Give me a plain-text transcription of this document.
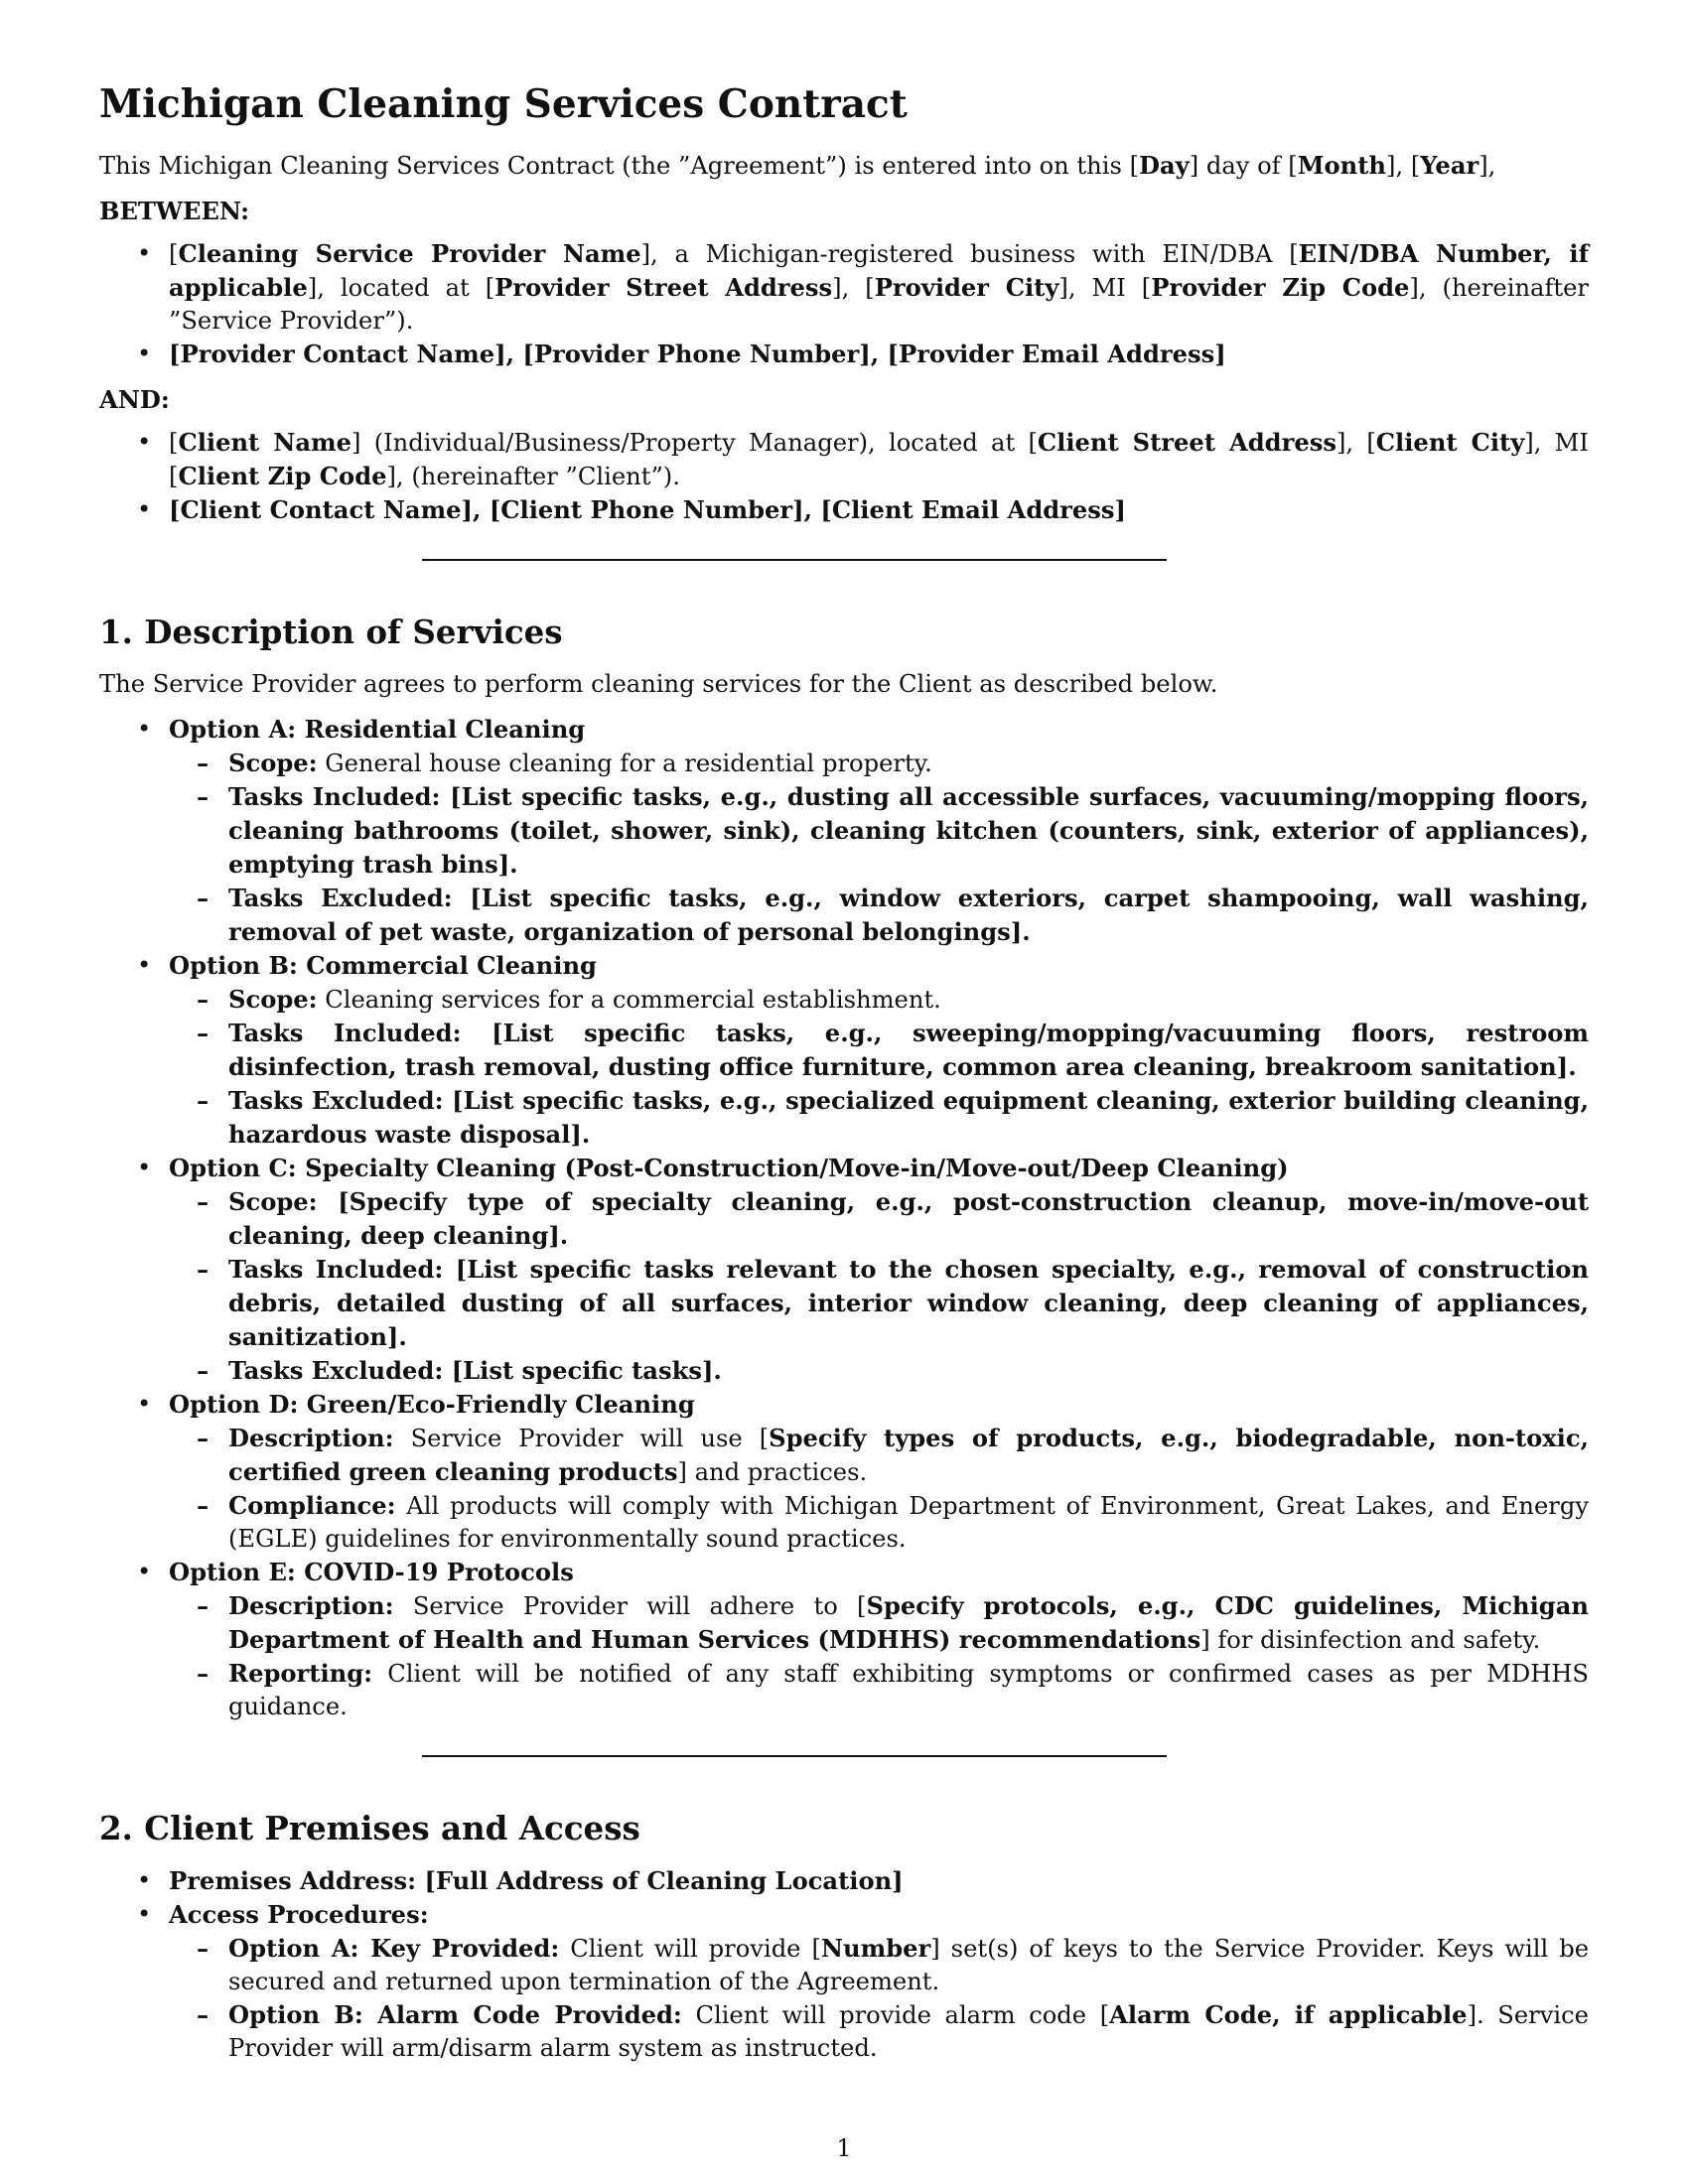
Michigan Cleaning Services Contract

This Michigan Cleaning Services Contract (the ”Agreement”) is entered into on this [Day] day of [Month], [Year],

BETWEEN:
• [Cleaning Service Provider Name], a Michigan-registered business with EIN/DBA [EIN/DBA Number, if applicable], located at [Provider Street Address], [Provider City], MI [Provider Zip Code], (hereinafter ”Service Provider”).
• [Provider Contact Name], [Provider Phone Number], [Provider Email Address]
AND:
• [Client Name] (Individual/Business/Property Manager), located at [Client Street Address], [Client City], MI [Client Zip Code], (hereinafter ”Client”).
• [Client Contact Name], [Client Phone Number], [Client Email Address]
1. Description of Services

The Service Provider agrees to perform cleaning services for the Client as described below.

• Option A: Residential Cleaning
– Scope: General house cleaning for a residential property.
– Tasks Included: [List specific tasks, e.g., dusting all accessible surfaces, vacuuming/mopping floors, cleaning bathrooms (toilet, shower, sink), cleaning kitchen (counters, sink, exterior of appliances), emptying trash bins].
– Tasks Excluded: [List specific tasks, e.g., window exteriors, carpet shampooing, wall washing, removal of pet waste, organization of personal belongings].
• Option B: Commercial Cleaning
– Scope: Cleaning services for a commercial establishment.
– Tasks Included: [List specific tasks, e.g., sweeping/mopping/vacuuming floors, restroom disinfection, trash removal, dusting office furniture, common area cleaning, breakroom sanitation].
– Tasks Excluded: [List specific tasks, e.g., specialized equipment cleaning, exterior building cleaning, hazardous waste disposal].
• Option C: Specialty Cleaning (Post-Construction/Move-in/Move-out/Deep Cleaning)
– Scope: [Specify type of specialty cleaning, e.g., post-construction cleanup, move-in/move-out cleaning, deep cleaning].
– Tasks Included: [List specific tasks relevant to the chosen specialty, e.g., removal of construction debris, detailed dusting of all surfaces, interior window cleaning, deep cleaning of appliances, sanitization].
– Tasks Excluded: [List specific tasks].
• Option D: Green/Eco-Friendly Cleaning
– Description: Service Provider will use [Specify types of products, e.g., biodegradable, non-toxic, certified green cleaning products] and practices.
– Compliance: All products will comply with Michigan Department of Environment, Great Lakes, and Energy (EGLE) guidelines for environmentally sound practices.
• Option E: COVID-19 Protocols
– Description: Service Provider will adhere to [Specify protocols, e.g., CDC guidelines, Michigan Department of Health and Human Services (MDHHS) recommendations] for disinfection and safety.
– Reporting: Client will be notified of any staff exhibiting symptoms or confirmed cases as per MDHHS guidance.
2. Client Premises and Access
• Premises Address: [Full Address of Cleaning Location]
• Access Procedures:
– Option A: Key Provided: Client will provide [Number] set(s) of keys to the Service Provider. Keys will be secured and returned upon termination of the Agreement.
– Option B: Alarm Code Provided: Client will provide alarm code [Alarm Code, if applicable]. Service Provider will arm/disarm alarm system as instructed.
1
